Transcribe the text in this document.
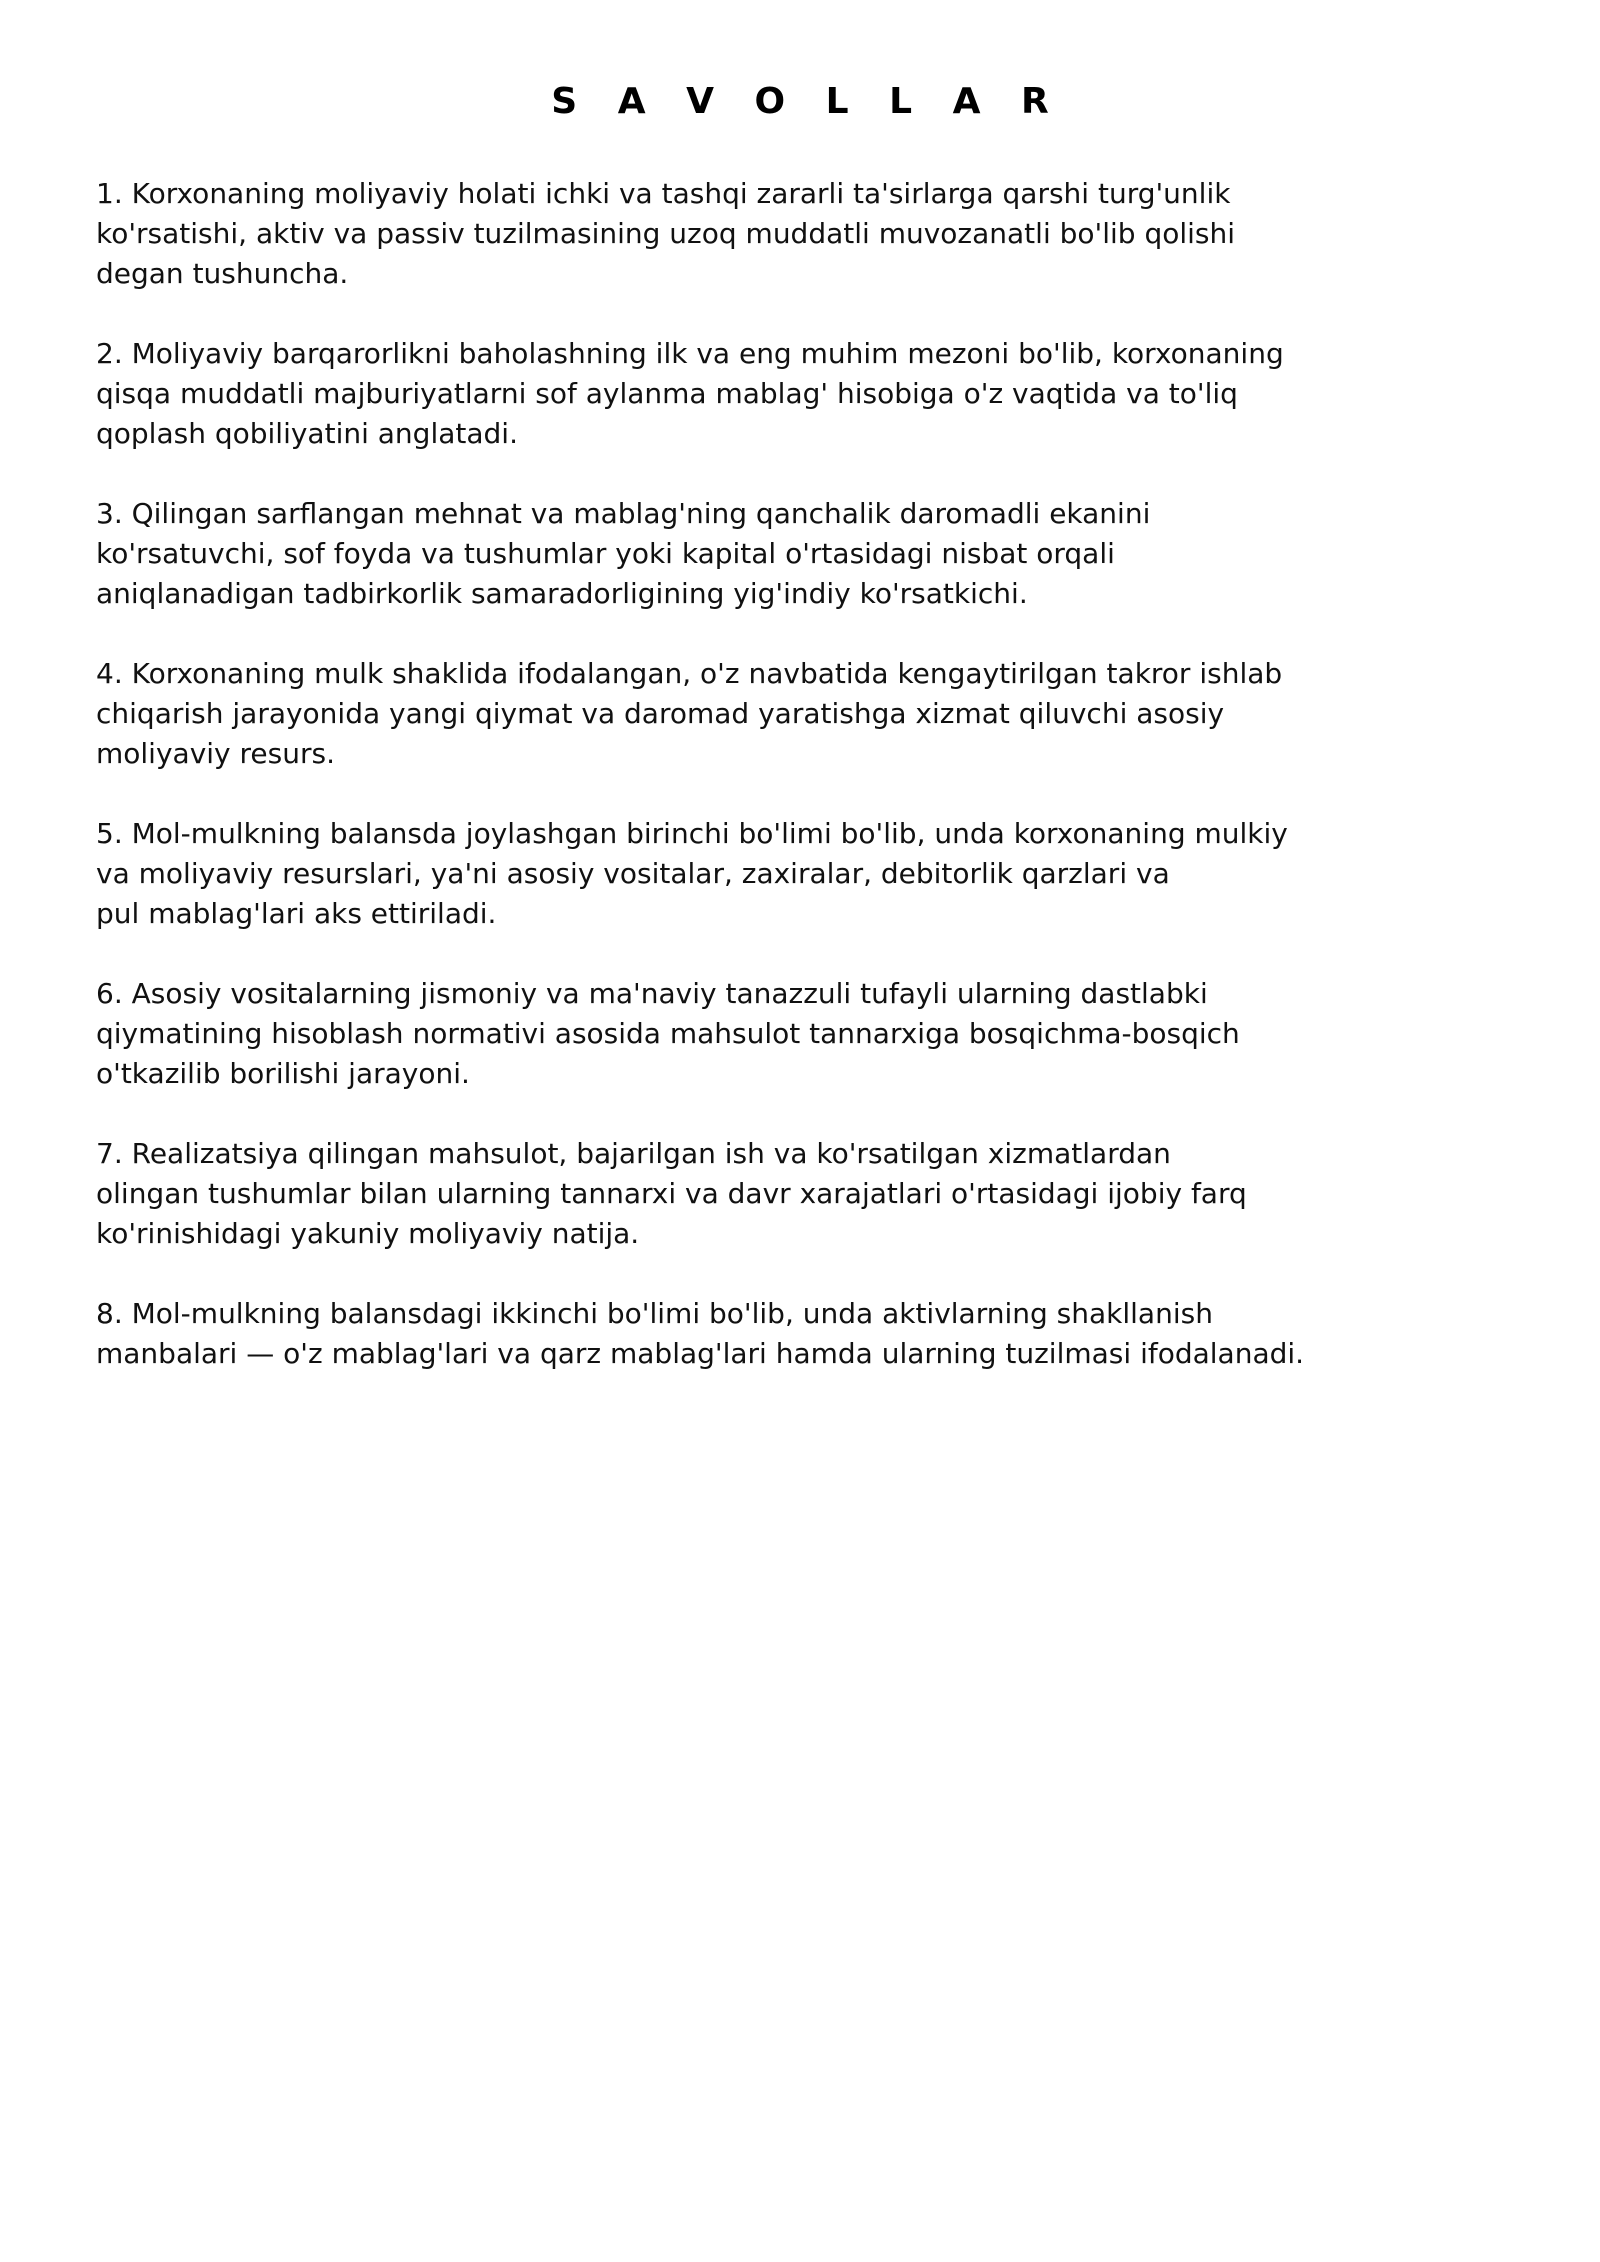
S A V O L L A R
1. Korxonaning moliyaviy holati ichki va tashqi zararli ta'sirlarga qarshi turg'unlik
ko'rsatishi, aktiv va passiv tuzilmasining uzoq muddatli muvozanatli bo'lib qolishi
degan tushuncha.
2. Moliyaviy barqarorlikni baholashning ilk va eng muhim mezoni bo'lib, korxonaning
qisqa muddatli majburiyatlarni sof aylanma mablag' hisobiga o'z vaqtida va to'liq
qoplash qobiliyatini anglatadi.
3. Qilingan sarflangan mehnat va mablag'ning qanchalik daromadli ekanini
ko'rsatuvchi, sof foyda va tushumlar yoki kapital o'rtasidagi nisbat orqali
aniqlanadigan tadbirkorlik samaradorligining yig'indiy ko'rsatkichi.
4. Korxonaning mulk shaklida ifodalangan, o'z navbatida kengaytirilgan takror ishlab
chiqarish jarayonida yangi qiymat va daromad yaratishga xizmat qiluvchi asosiy
moliyaviy resurs.
5. Mol-mulkning balansda joylashgan birinchi bo'limi bo'lib, unda korxonaning mulkiy
va moliyaviy resurslari, ya'ni asosiy vositalar, zaxiralar, debitorlik qarzlari va
pul mablag'lari aks ettiriladi.
6. Asosiy vositalarning jismoniy va ma'naviy tanazzuli tufayli ularning dastlabki
qiymatining hisoblash normativi asosida mahsulot tannarxiga bosqichma-bosqich
o'tkazilib borilishi jarayoni.
7. Realizatsiya qilingan mahsulot, bajarilgan ish va ko'rsatilgan xizmatlardan
olingan tushumlar bilan ularning tannarxi va davr xarajatlari o'rtasidagi ijobiy farq
ko'rinishidagi yakuniy moliyaviy natija.
8. Mol-mulkning balansdagi ikkinchi bo'limi bo'lib, unda aktivlarning shakllanish
manbalari — o'z mablag'lari va qarz mablag'lari hamda ularning tuzilmasi ifodalanadi.
